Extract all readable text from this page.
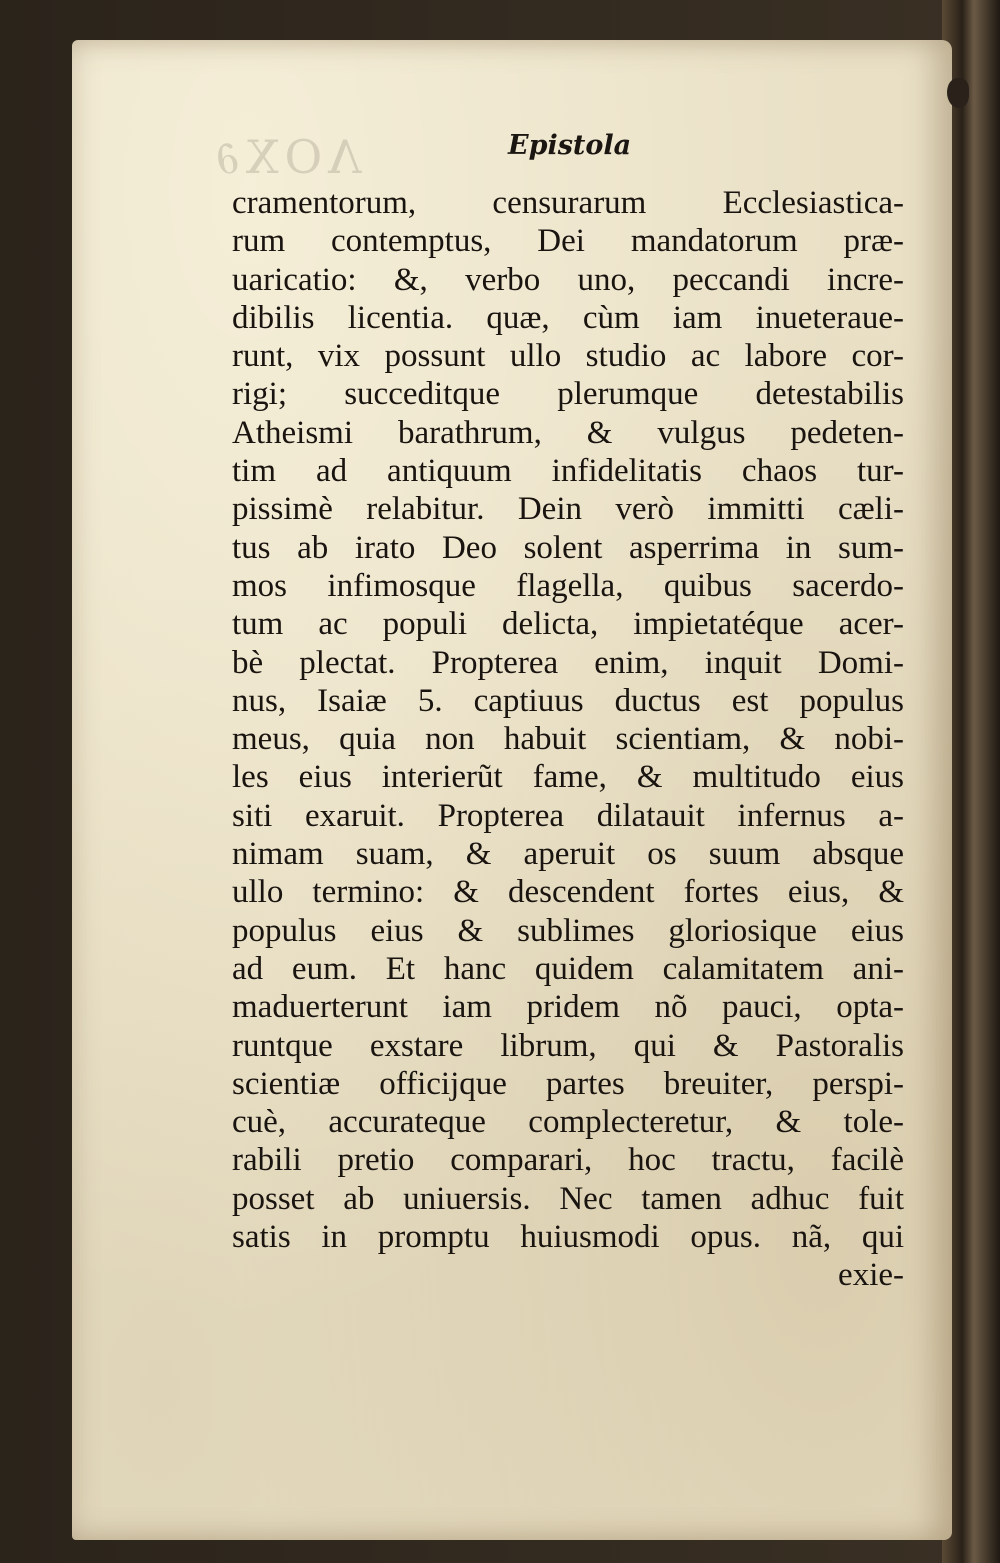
ΛΟΧ∂	Epistola
cramentorum, censurarum Ecclesiastica-
rum contemptus, Dei mandatorum præ-
uaricatio: &, verbo uno, peccandi incre-
dibilis licentia. quæ, cùm iam inueteraue-
runt, vix possunt ullo studio ac labore cor-
rigi; succeditque plerumque detestabilis
Atheismi barathrum, & vulgus pedeten-
tim ad antiquum infidelitatis chaos tur-
pissimè relabitur. Dein verò immitti cæli-
tus ab irato Deo solent asperrima in sum-
mos infimosque flagella, quibus sacerdo-
tum ac populi delicta, impietatéque acer-
bè plectat. Propterea enim, inquit Domi-
nus, Isaiæ 5. captiuus ductus est populus
meus, quia non habuit scientiam, & nobi-
les eius interierũt fame, & multitudo eius
siti exaruit. Propterea dilatauit infernus a-
nimam suam, & aperuit os suum absque
ullo termino: & descendent fortes eius, &
populus eius & sublimes gloriosique eius
ad eum. Et hanc quidem calamitatem ani-
maduerterunt iam pridem nõ pauci, opta-
runtque exstare librum, qui & Pastoralis
scientiæ officijque partes breuiter, perspi-
cuè, accurateque complecteretur, & tole-
rabili pretio comparari, hoc tractu, facilè
posset ab uniuersis. Nec tamen adhuc fuit
satis in promptu huiusmodi opus. nã, qui
exie-
